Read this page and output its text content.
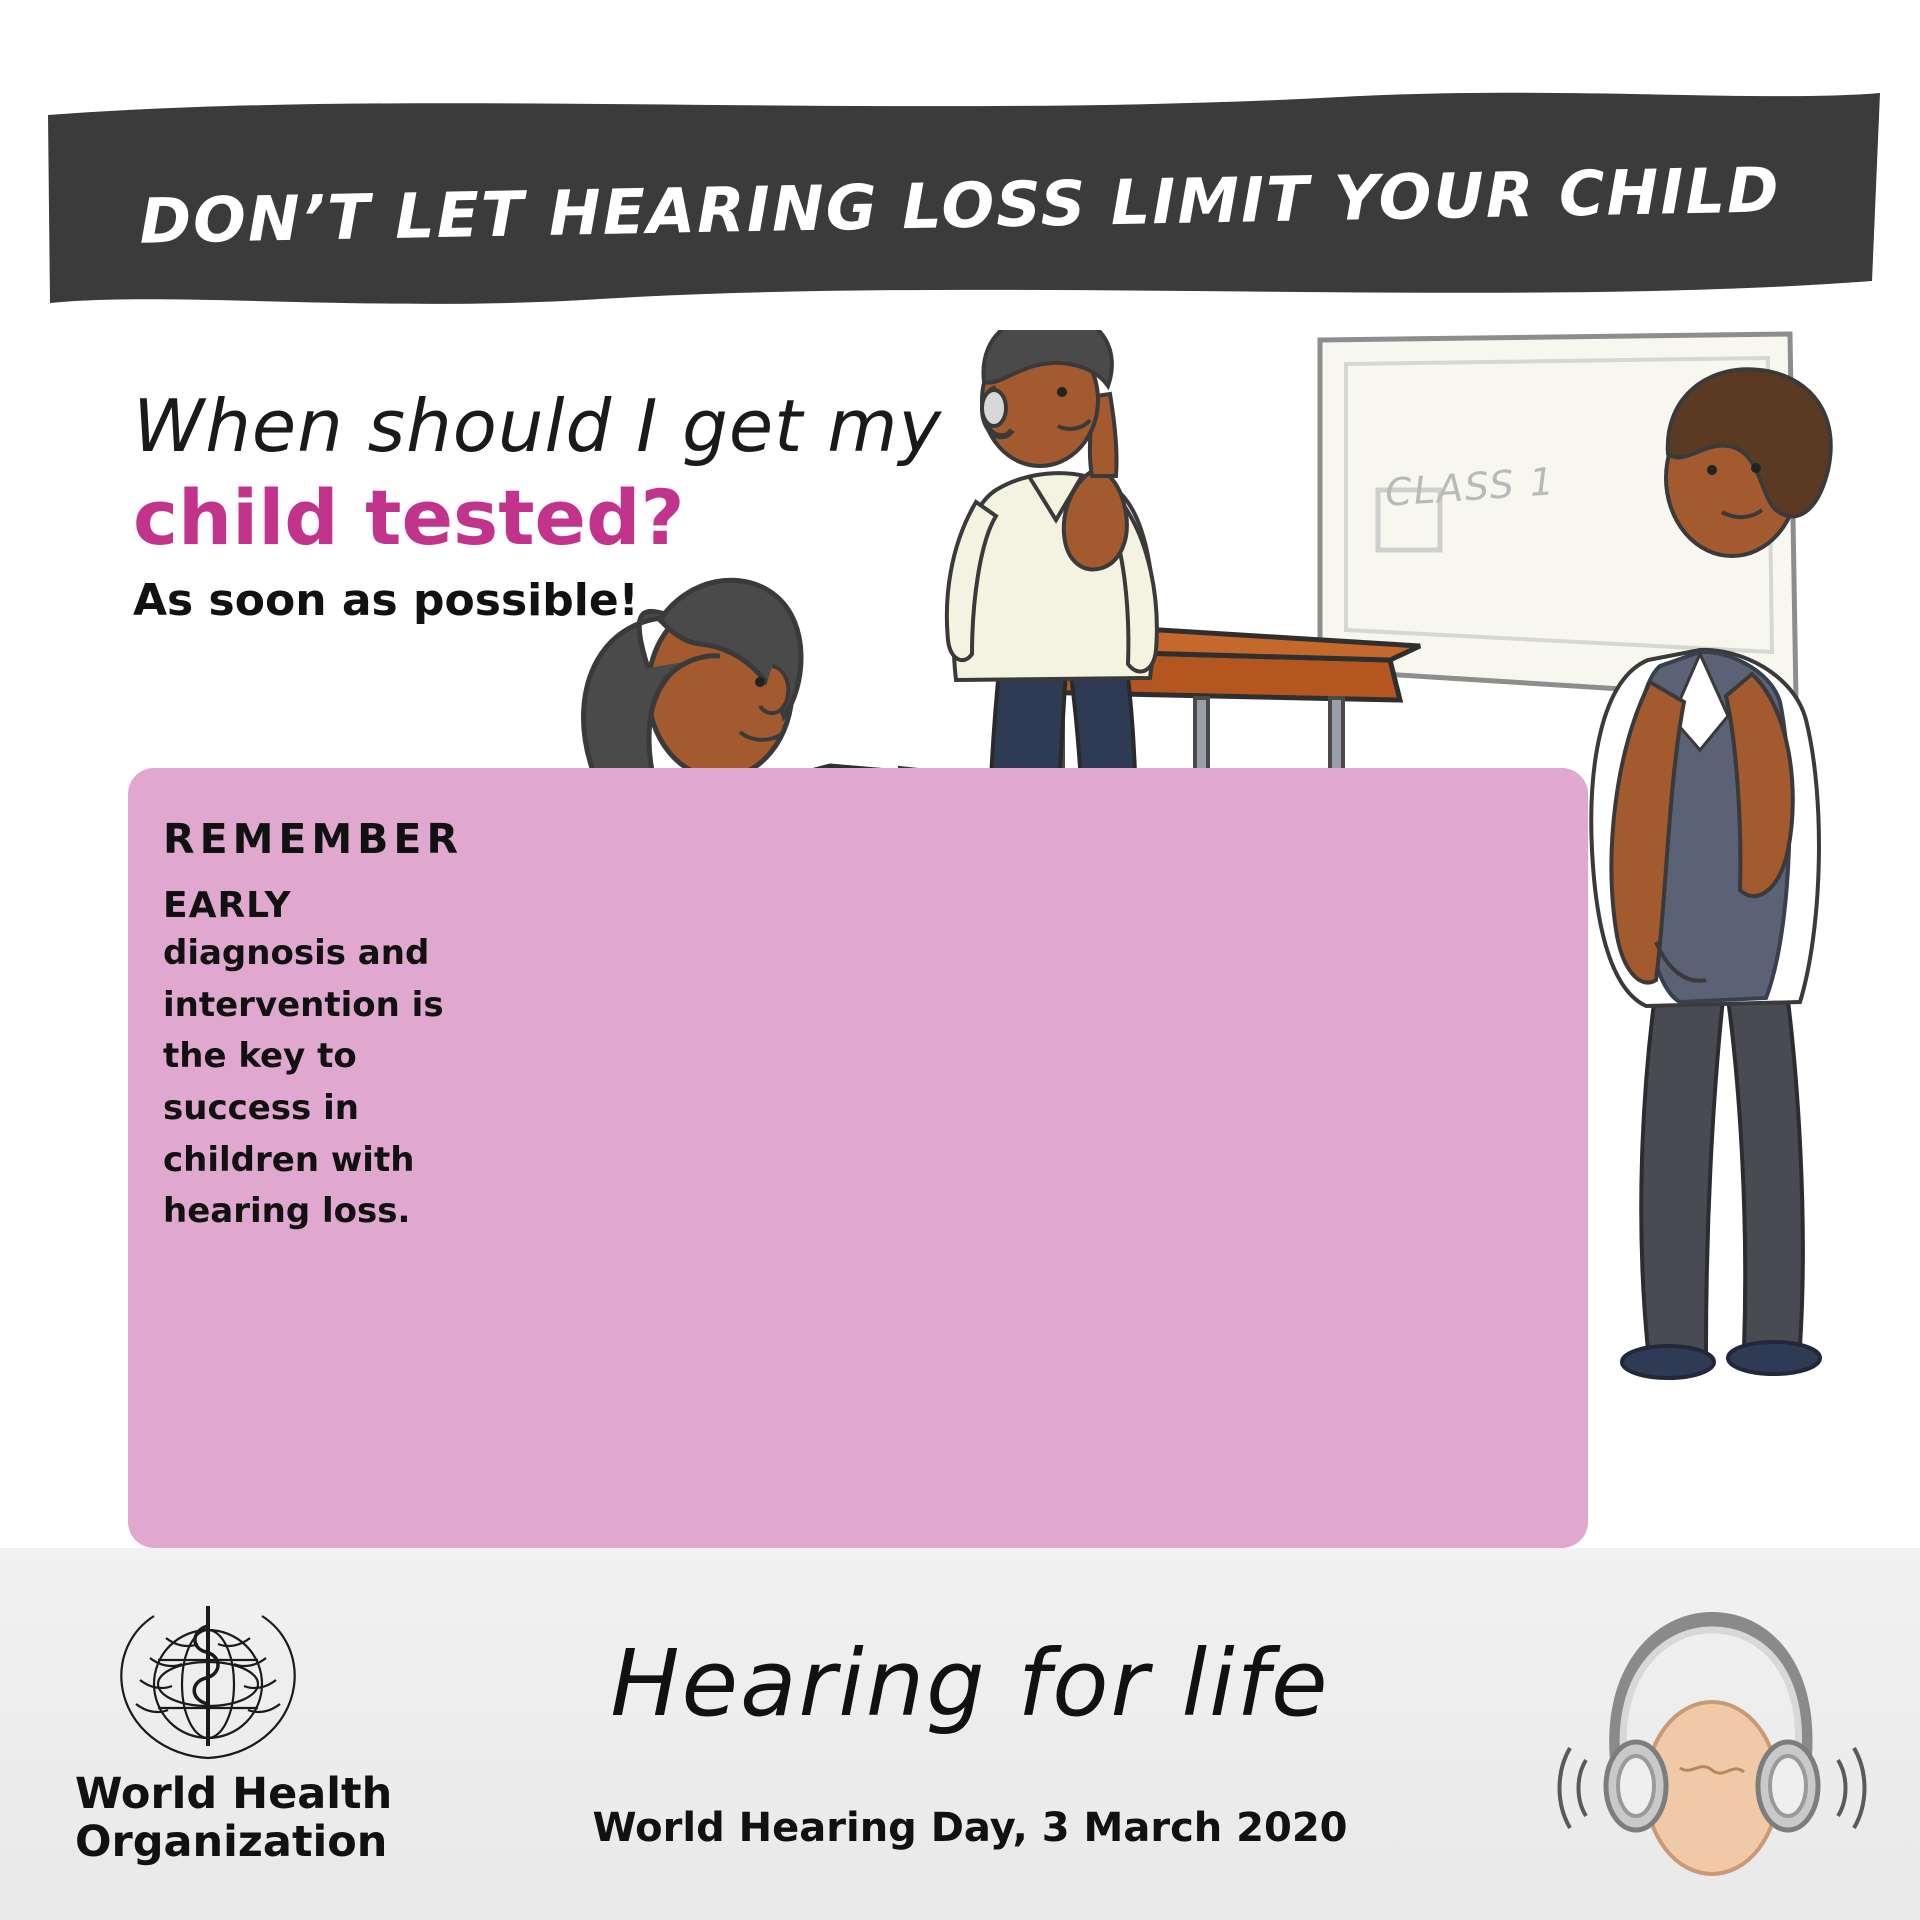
DON’T LET HEARING LOSS LIMIT YOUR CHILD
CLASS 1
When should I get my
child tested?
As soon as possible!
REMEMBER
EARLY
diagnosis and intervention is the key to success in children with hearing loss.
World Health
Organization
Hearing for life
World Hearing Day, 3 March 2020
